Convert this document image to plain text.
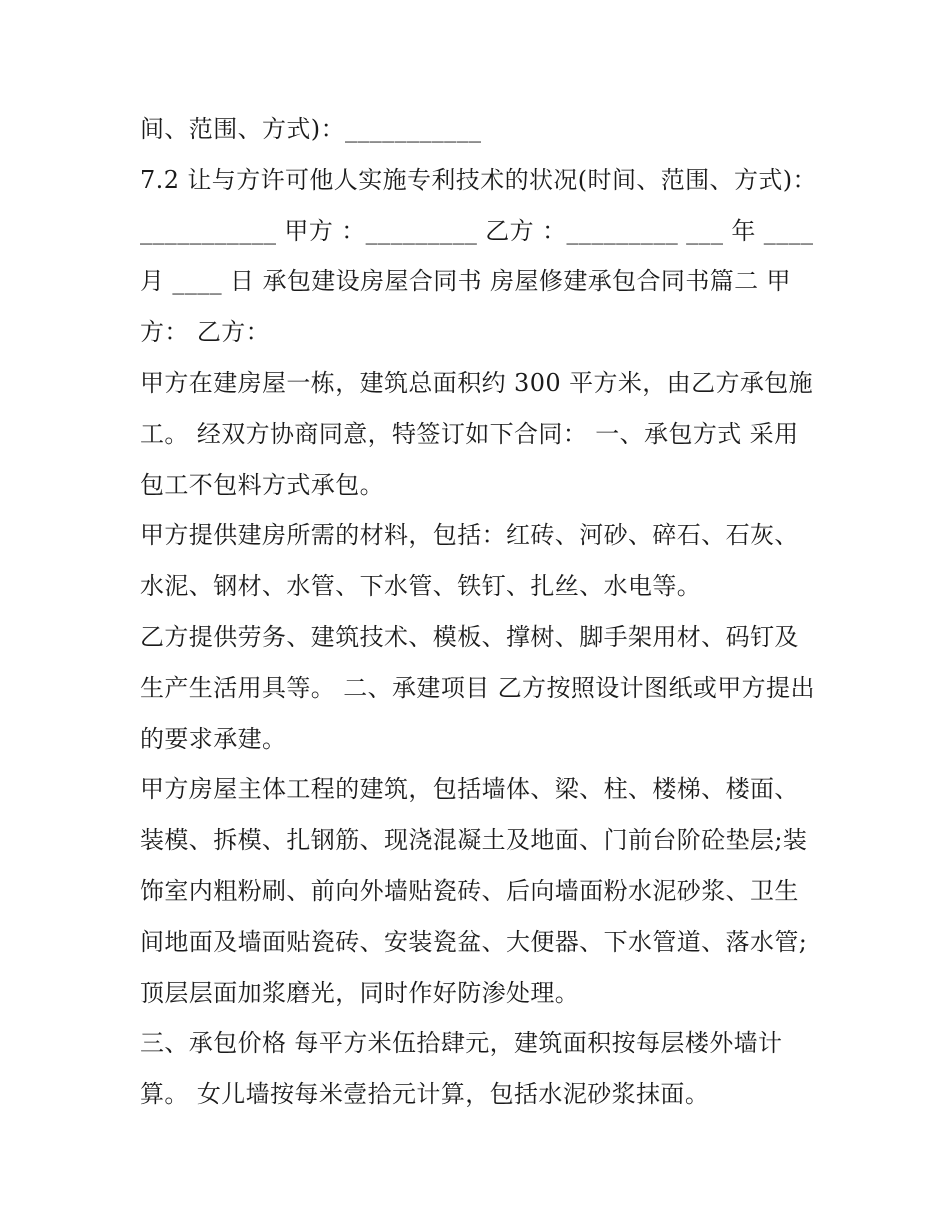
间、范围、方式)：___________

7.2 让与方许可他人实施专利技术的状况(时间、范围、方式)：___________ 甲方 ：_________ 乙方 ：_________ ___ 年 ____ 月 ____ 日 承包建设房屋合同书 房屋修建承包合同书篇二 甲方： 乙方：

甲方在建房屋一栋，建筑总面积约 300 平方米，由乙方承包施工。 经双方协商同意，特签订如下合同： 一、承包方式 采用包工不包料方式承包。

甲方提供建房所需的材料，包括：红砖、河砂、碎石、石灰、水泥、钢材、水管、下水管、铁钉、扎丝、水电等。

乙方提供劳务、建筑技术、模板、撑树、脚手架用材、码钉及生产生活用具等。 二、承建项目 乙方按照设计图纸或甲方提出的要求承建。

甲方房屋主体工程的建筑，包括墙体、梁、柱、楼梯、楼面、装模、拆模、扎钢筋、现浇混凝土及地面、门前台阶砼垫层;装饰室内粗粉刷、前向外墙贴瓷砖、后向墙面粉水泥砂浆、卫生间地面及墙面贴瓷砖、安装瓷盆、大便器、下水管道、落水管;顶层层面加浆磨光，同时作好防渗处理。

三、承包价格 每平方米伍拾肆元，建筑面积按每层楼外墙计算。 女儿墙按每米壹拾元计算，包括水泥砂浆抹面。
